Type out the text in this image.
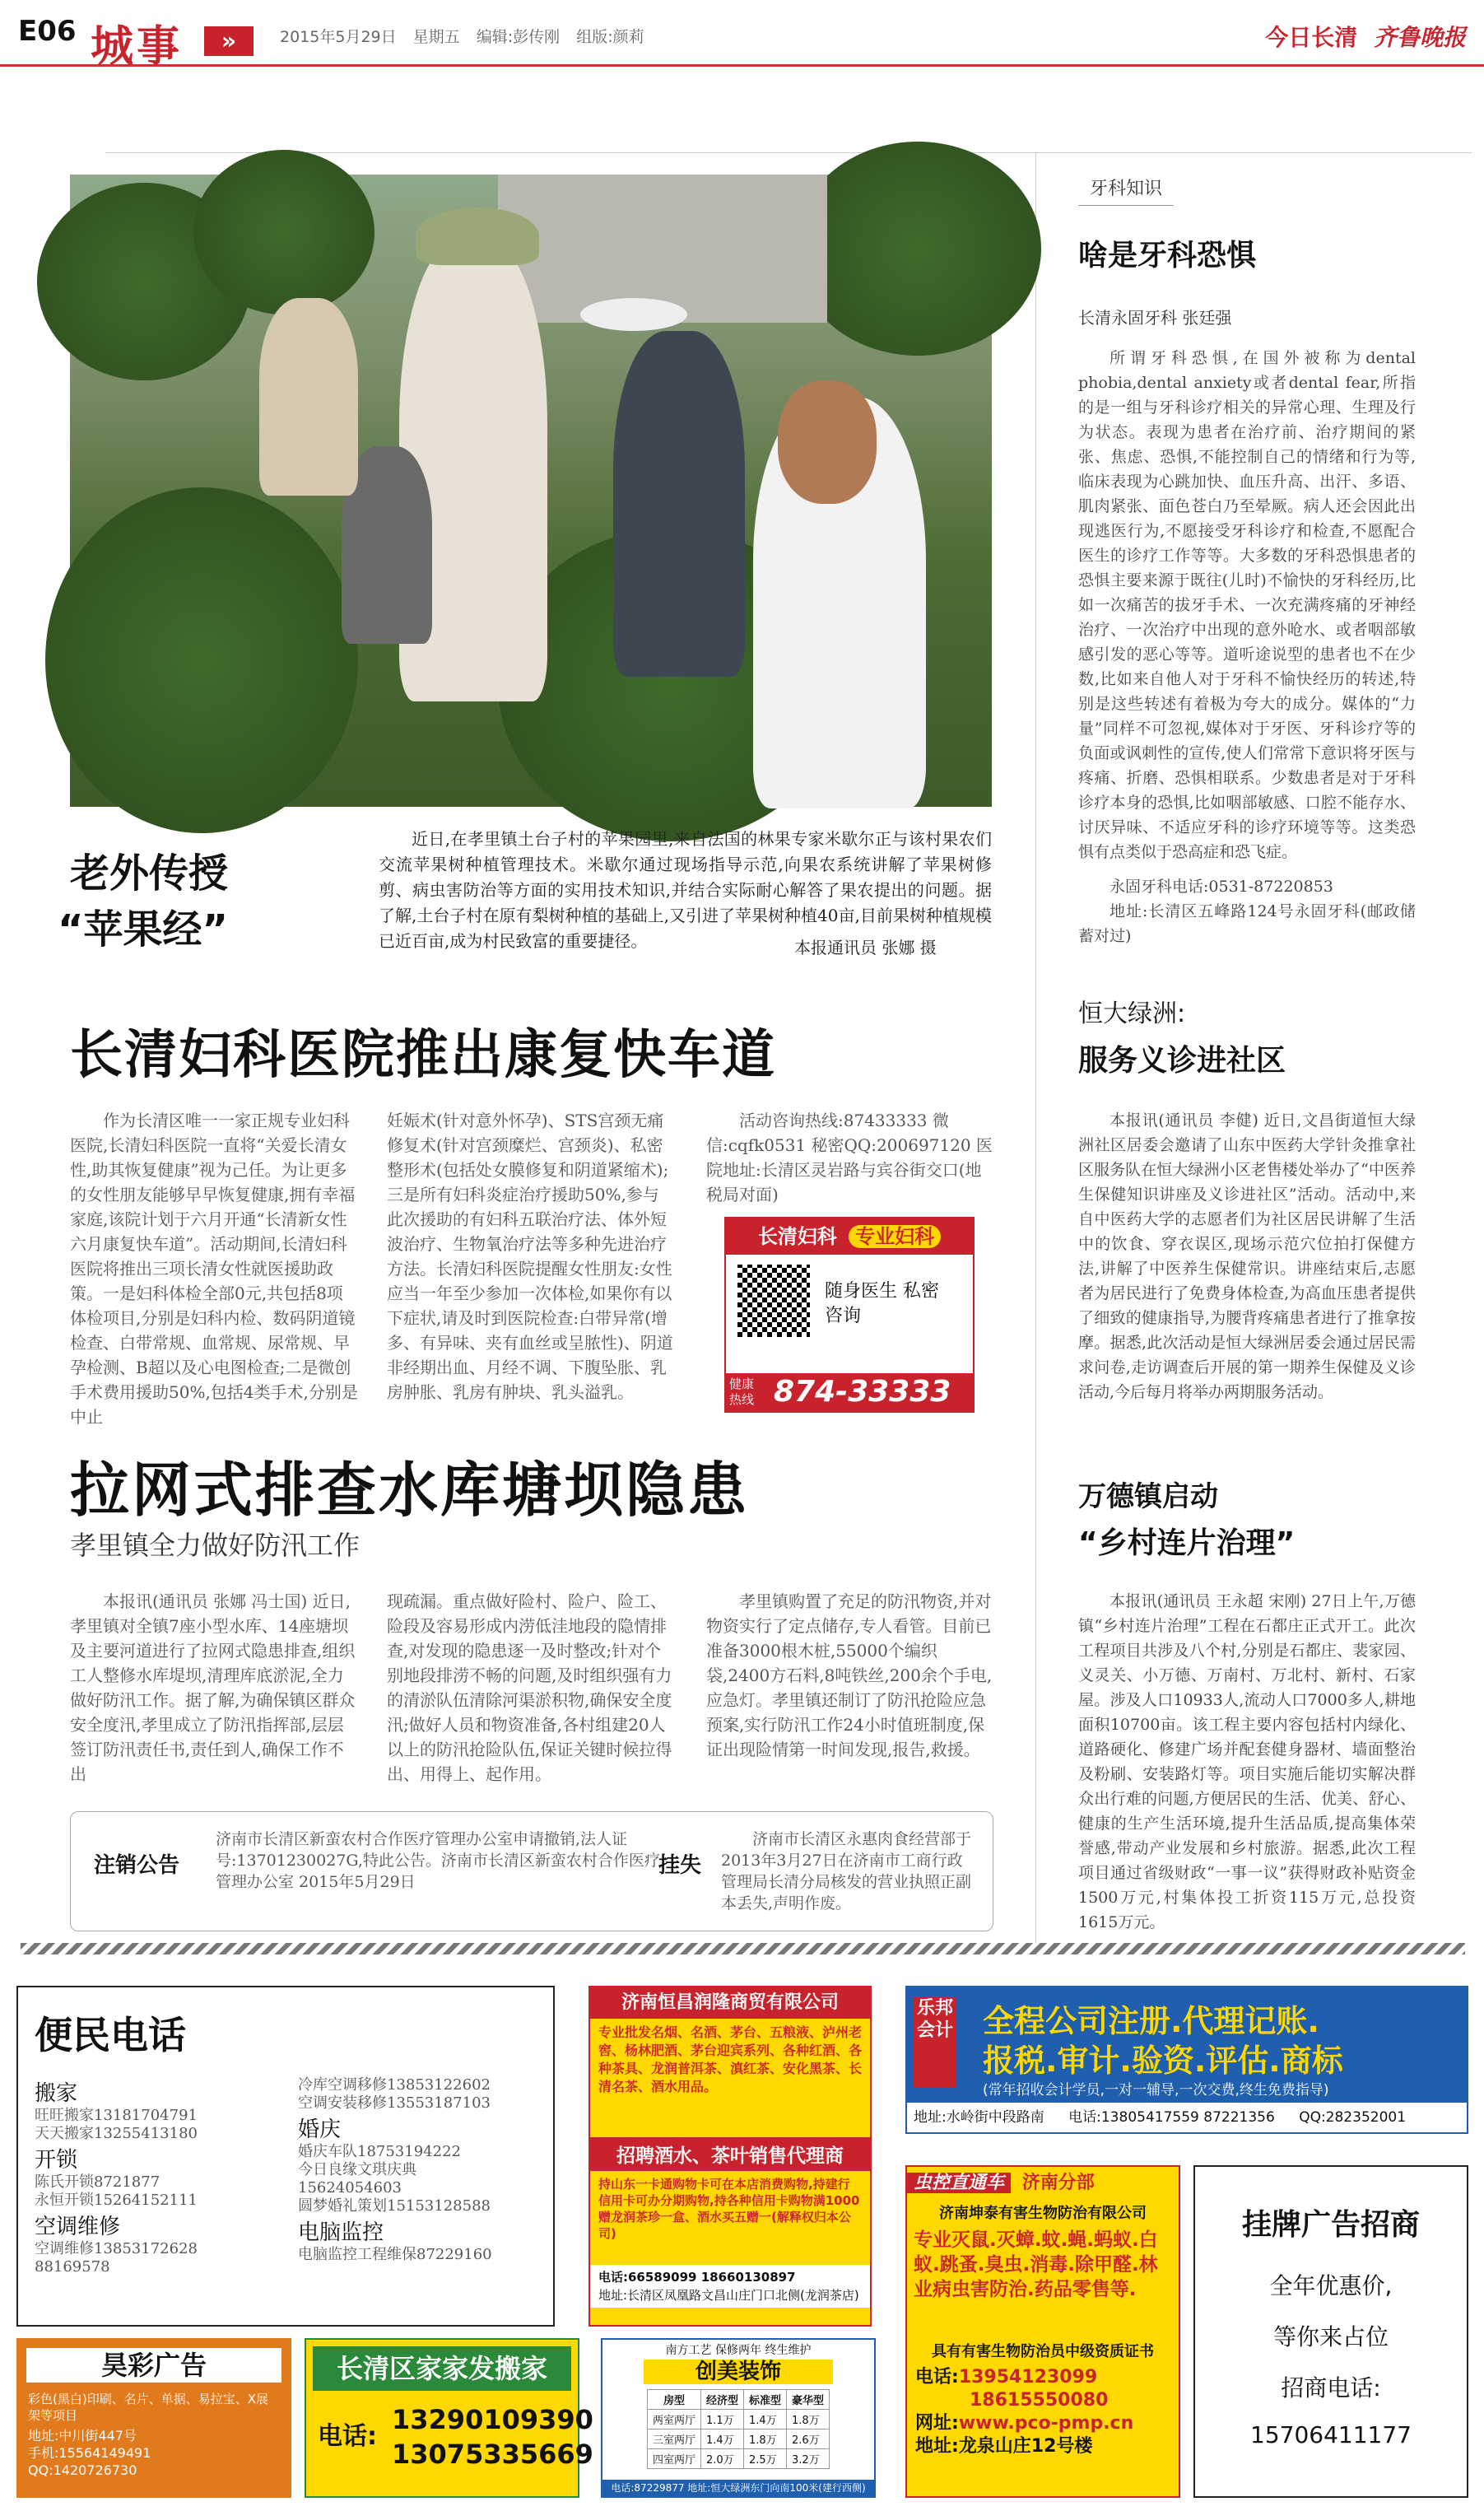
E06 城事	»	2015年5月29日 星期五 编辑:彭传刚 组版:颜莉	今日长清 齐鲁晚报
老外传授
“苹果经”
近日,在孝里镇土台子村的苹果园里,来自法国的林果专家米歇尔正与该村果农们交流苹果树种植管理技术。米歇尔通过现场指导示范,向果农系统讲解了苹果树修剪、病虫害防治等方面的实用技术知识,并结合实际耐心解答了果农提出的问题。据了解,土台子村在原有梨树种植的基础上,又引进了苹果树种植40亩,目前果树种植规模已近百亩,成为村民致富的重要捷径。	本报通讯员 张娜 摄
长清妇科医院推出康复快车道
作为长清区唯一一家正规专业妇科医院,长清妇科医院一直将“关爱长清女性,助其恢复健康”视为己任。为让更多的女性朋友能够早早恢复健康,拥有幸福家庭,该院计划于六月开通“长清新女性六月康复快车道”。活动期间,长清妇科医院将推出三项长清女性就医援助政策。一是妇科体检全部0元,共包括8项体检项目,分别是妇科内检、数码阴道镜检查、白带常规、血常规、尿常规、早孕检测、B超以及心电图检查;二是微创手术费用援助50%,包括4类手术,分别是中止
妊娠术(针对意外怀孕)、STS宫颈无痛修复术(针对宫颈糜烂、宫颈炎)、私密整形术(包括处女膜修复和阴道紧缩术);三是所有妇科炎症治疗援助50%,参与此次援助的有妇科五联治疗法、体外短波治疗、生物氧治疗法等多种先进治疗方法。长清妇科医院提醒女性朋友:女性应当一年至少参加一次体检,如果你有以下症状,请及时到医院检查:白带异常(增多、有异味、夹有血丝或呈脓性)、阴道非经期出血、月经不调、下腹坠胀、乳房肿胀、乳房有肿块、乳头溢乳。
活动咨询热线:87433333 微信:cqfk0531 秘密QQ:200697120 医院地址:长清区灵岩路与宾谷街交口(地税局对面)
长清妇科 专业妇科
随身医生 私密咨询
健康热线 874-33333
拉网式排查水库塘坝隐患
孝里镇全力做好防汛工作
本报讯(通讯员 张娜 冯士国) 近日,孝里镇对全镇7座小型水库、14座塘坝及主要河道进行了拉网式隐患排查,组织工人整修水库堤坝,清理库底淤泥,全力做好防汛工作。据了解,为确保镇区群众安全度汛,孝里成立了防汛指挥部,层层签订防汛责任书,责任到人,确保工作不出
现疏漏。重点做好险村、险户、险工、险段及容易形成内涝低洼地段的隐情排查,对发现的隐患逐一及时整改;针对个别地段排涝不畅的问题,及时组织强有力的清淤队伍清除河渠淤积物,确保安全度汛;做好人员和物资准备,各村组建20人以上的防汛抢险队伍,保证关键时候拉得出、用得上、起作用。
孝里镇购置了充足的防汛物资,并对物资实行了定点储存,专人看管。目前已准备3000根木桩,55000个编织袋,2400方石料,8吨铁丝,200余个手电,应急灯。孝里镇还制订了防汛抢险应急预案,实行防汛工作24小时值班制度,保证出现险情第一时间发现,报告,救援。
注销公告
济南市长清区新蛮农村合作医疗管理办公室申请撤销,法人证号:13701230027G,特此公告。济南市长清区新蛮农村合作医疗管理办公室 2015年5月29日
挂失
济南市长清区永惠肉食经营部于2013年3月27日在济南市工商行政管理局长清分局核发的营业执照正副本丢失,声明作废。
牙科知识
啥是牙科恐惧
长清永固牙科 张廷强
所谓牙科恐惧,在国外被称为dental phobia,dental anxiety或者dental fear,所指的是一组与牙科诊疗相关的异常心理、生理及行为状态。表现为患者在治疗前、治疗期间的紧张、焦虑、恐惧,不能控制自己的情绪和行为等,临床表现为心跳加快、血压升高、出汗、多语、肌肉紧张、面色苍白乃至晕厥。病人还会因此出现逃医行为,不愿接受牙科诊疗和检查,不愿配合医生的诊疗工作等等。大多数的牙科恐惧患者的恐惧主要来源于既往(儿时)不愉快的牙科经历,比如一次痛苦的拔牙手术、一次充满疼痛的牙神经治疗、一次治疗中出现的意外呛水、或者咽部敏感引发的恶心等等。道听途说型的患者也不在少数,比如来自他人对于牙科不愉快经历的转述,特别是这些转述有着极为夸大的成分。媒体的“力量”同样不可忽视,媒体对于牙医、牙科诊疗等的负面或讽刺性的宣传,使人们常常下意识将牙医与疼痛、折磨、恐惧相联系。少数患者是对于牙科诊疗本身的恐惧,比如咽部敏感、口腔不能存水、讨厌异味、不适应牙科的诊疗环境等等。这类恐惧有点类似于恐高症和恐飞症。
永固牙科电话:0531-87220853
地址:长清区五峰路124号永固牙科(邮政储蓄对过)
恒大绿洲:
服务义诊进社区
本报讯(通讯员 李健) 近日,文昌街道恒大绿洲社区居委会邀请了山东中医药大学针灸推拿社区服务队在恒大绿洲小区老售楼处举办了“中医养生保健知识讲座及义诊进社区”活动。活动中,来自中医药大学的志愿者们为社区居民讲解了生活中的饮食、穿衣误区,现场示范穴位拍打保健方法,讲解了中医养生保健常识。讲座结束后,志愿者为居民进行了免费身体检查,为高血压患者提供了细致的健康指导,为腰背疼痛患者进行了推拿按摩。据悉,此次活动是恒大绿洲居委会通过居民需求问卷,走访调查后开展的第一期养生保健及义诊活动,今后每月将举办两期服务活动。
万德镇启动
“乡村连片治理”
本报讯(通讯员 王永超 宋刚) 27日上午,万德镇“乡村连片治理”工程在石都庄正式开工。此次工程项目共涉及八个村,分别是石都庄、裴家园、义灵关、小万德、万南村、万北村、新村、石家屋。涉及人口10933人,流动人口7000多人,耕地面积10700亩。该工程主要内容包括村内绿化、道路硬化、修建广场并配套健身器材、墙面整治及粉刷、安装路灯等。项目实施后能切实解决群众出行难的问题,方便居民的生活、优美、舒心、健康的生产生活环境,提升生活品质,提高集体荣誉感,带动产业发展和乡村旅游。据悉,此次工程项目通过省级财政“一事一议”获得财政补贴资金1500万元,村集体投工折资115万元,总投资1615万元。
便民电话
搬家
旺旺搬家13181704791
天天搬家13255413180
开锁
陈氏开锁8721877
永恒开锁15264152111
空调维修
空调维修13853172628
88169578
冷库空调移修13853122602
空调安装移修13553187103
婚庆
婚庆车队18753194222
今日良缘文琪庆典
15624054603
圆梦婚礼策划15153128588
电脑监控
电脑监控工程维保87229160
济南恒昌润隆商贸有限公司
专业批发名烟、名酒、茅台、五粮液、泸州老窖、杨林肥酒、茅台迎宾系列、各种红酒、各种茶具、龙润普洱茶、滇红茶、安化黑茶、长清名茶、酒水用品。
招聘酒水、茶叶销售代理商
持山东一卡通购物卡可在本店消费购物,持建行信用卡可办分期购物,持各种信用卡购物满1000赠龙润茶珍一盒、酒水买五赠一(解释权归本公司)
电话:66589099 18660130897
地址:长清区凤凰路文昌山庄门口北侧(龙润茶店)
乐邦会计 全程公司注册.代理记账.
报税.审计.验资.评估.商标
(常年招收会计学员,一对一辅导,一次交费,终生免费指导)
地址:水岭街中段路南 电话:13805417559 87221356 QQ:282352001
虫控直通车 济南分部
济南坤泰有害生物防治有限公司
专业灭鼠.灭蟑.蚊.蝇.蚂蚁.白蚁.跳蚤.臭虫.消毒.除甲醛.林业病虫害防治.药品零售等.
具有有害生物防治员中级资质证书
电话:13954123099
18615550080
网址:www.pco-pmp.cn
地址:龙泉山庄12号楼
挂牌广告招商
全年优惠价,
等你来占位
招商电话:
15706411177
昊彩广告
彩色(黑白)印刷、名片、单据、易拉宝、X展架等项目
地址:中川街447号
手机:15564149491
QQ:1420726730
长清区家家发搬家
电话:
13290109390
13075335669
南方工艺 保修两年 终生维护
创美装饰
房型	经济型	标准型	豪华型
两室两厅	1.1万	1.4万	1.8万
三室两厅	1.4万	1.8万	2.6万
四室两厅	2.0万	2.5万	3.2万
电话:87229877 地址:恒大绿洲东门向南100米(建行西侧)
